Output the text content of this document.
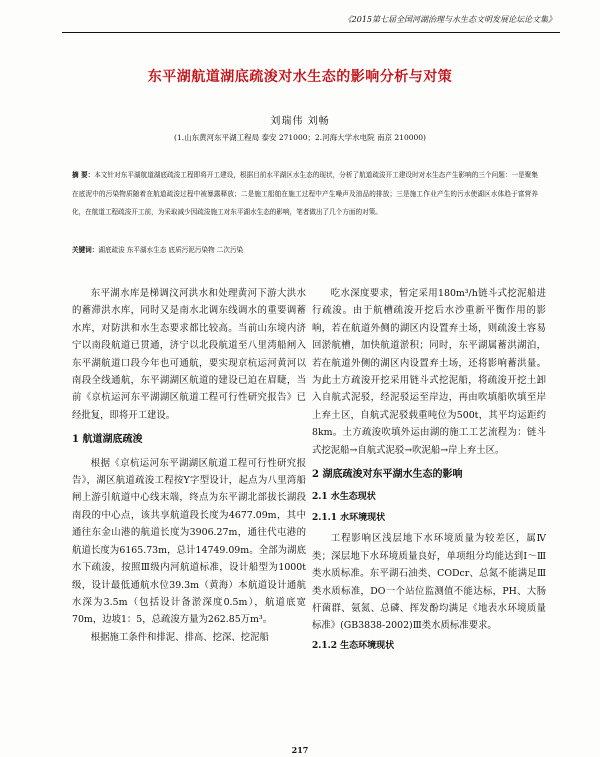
《2015第七届全国河湖治理与水生态文明发展论坛论文集》
东平湖航道湖底疏浚对水生态的影响分析与对策
刘瑞伟 刘畅
(1.山东黄河东平湖工程局 泰安 271000；2.河海大学水电院 南京 210000)
摘 要：本文针对东平湖航道湖底疏浚工程即将开工建设，根据目前水平湖区水生态的现状，分析了航道疏浚开工建设时对水生态产生影响的三个问题：一是聚集在底泥中的污染物质随着在航道疏浚过程中被暴露释放；二是施工船舶在施工过程中产生噪声及油品的排放；三是施工作业产生的污水使湖区水体趋于富营养化，在航道工程疏浚开工前，为采取减少因疏浚施工对东平湖水生态的影响，笔者做出了几个方面的对策。
关键词：湖底疏浚 东平湖水生态 底质污泥污染物 二次污染

东平湖水库是梯调汶河洪水和处理黄河下游大洪水的蓄滞洪水库，同时又是南水北调东线调水的重要调蓄水库，对防洪和水生态要求都比较高。当前山东境内济宁以南段航道已贯通，济宁以北段航道至八里湾船闸入东平湖航道口段今年也可通航，要实现京杭运河黄河以南段全线通航，东平湖湖区航道的建设已迫在眉睫，当前《京杭运河东平湖湖区航道工程可行性研究报告》已经批复，即将开工建设。

1 航道湖底疏浚

根据《京杭运河东平湖湖区航道工程可行性研究报告》，湖区航道疏浚工程按Y字型设计，起点为八里湾船闸上游引航道中心线末端，终点为东平湖北部拔长湖段南段的中心点，该共享航道段长度为4677.09m，其中通往东金山港的航道长度为3906.27m，通往代屯港的航道长度为6165.73m，总计14749.09m。全部为湖底水下疏浚，按照Ⅲ级内河航道标准，设计船型为1000t级，设计最低通航水位39.3m（黄海）本航道设计通航水深为3.5m（包括设计备淤深度0.5m），航道底宽70m，边坡1：5，总疏浚方量为262.85万m³。

根据施工条件和排泥、排高、挖深、挖泥船

吃水深度要求，暂定采用180m³/h链斗式挖泥船进行疏浚。由于航槽疏浚开挖后水沙重新平衡作用的影响，若在航道外侧的湖区内设置弃土场，则疏浚土容易回淤航槽，加快航道淤积；同时，东平湖属蓄洪湖泊，若在航道外侧的湖区内设置弃土场，还将影响蓄洪量。为此土方疏浚开挖采用链斗式挖泥船，将疏浚开挖土卸入自航式泥驳，经泥驳运至岸边，再由吹填船吹填至岸上弃土区，自航式泥驳载重吨位为500t，其平均运距约8km。土方疏浚吹填外运由湖的施工工艺流程为：链斗式挖泥船→自航式泥驳→吹泥船→岸上弃土区。

2 湖底疏浚对东平湖水生态的影响
2.1 水生态现状
2.1.1 水环境现状

工程影响区浅层地下水环境质量为较差区，属Ⅳ类；深层地下水环境质量良好，单项组分均能达到Ⅰ～Ⅲ类水质标准。东平湖石油类、CODcr、总氮不能满足Ⅲ类水质标准，DO一个站位监测值不能达标，PH、大肠杆菌群、氨氮、总磷、挥发酚均满足《地表水环境质量标准》(GB3838-2002)Ⅲ类水质标准要求。

2.1.2 生态环境现状
217
